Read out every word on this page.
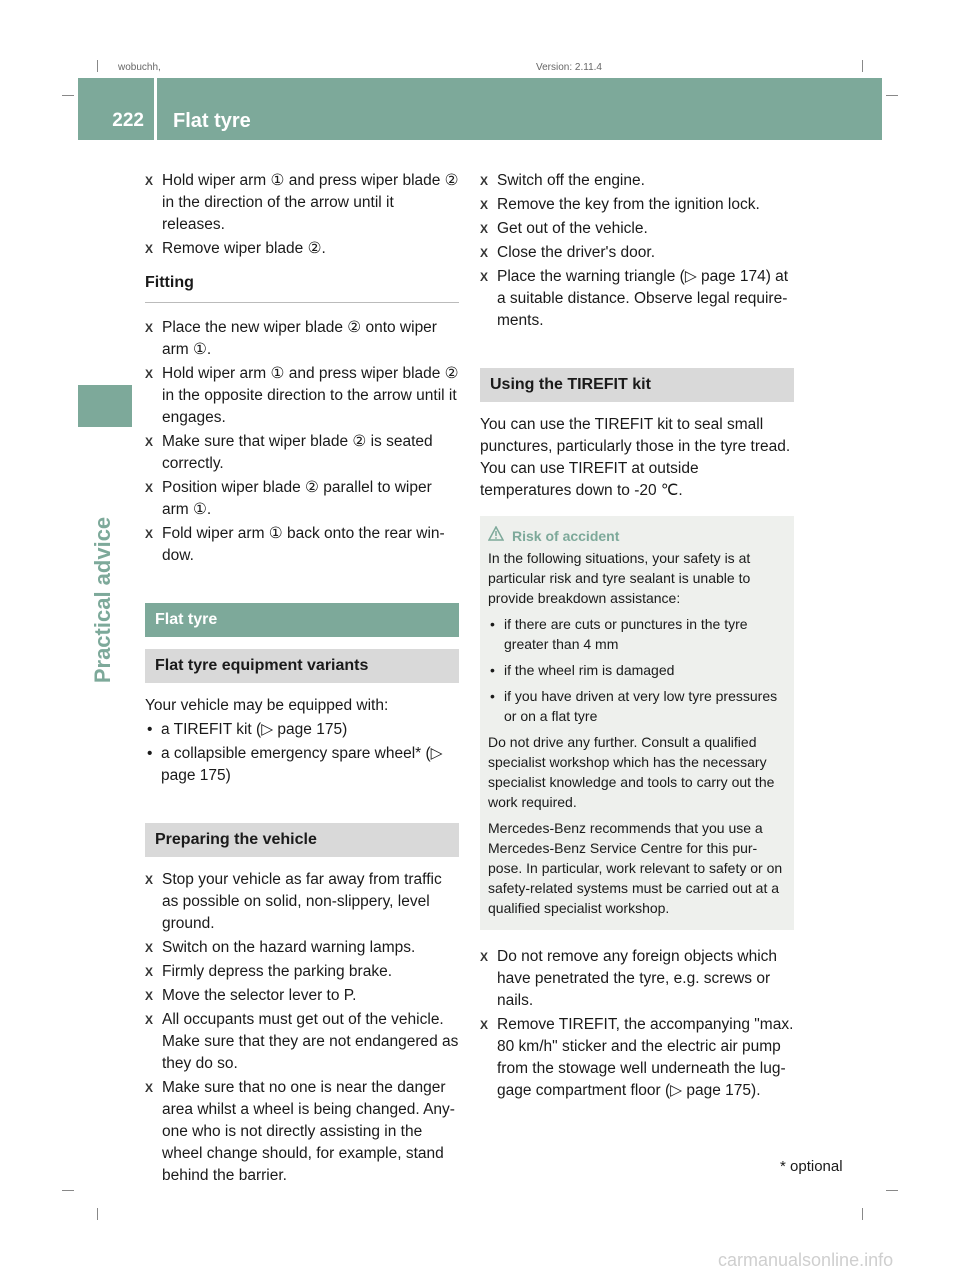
wobuchh,	Version: 2.11.4
222 Flat tyre
Practical advice
X Hold wiper arm ① and press wiper blade ② in the direction of the arrow until it releases.
X Remove wiper blade ②.
Fitting
X Place the new wiper blade ② onto wiper arm ①.
X Hold wiper arm ① and press wiper blade ② in the opposite direction to the arrow until it engages.
X Make sure that wiper blade ② is seated correctly.
X Position wiper blade ② parallel to wiper arm ①.
X Fold wiper arm ① back onto the rear win-dow.
Flat tyre
Flat tyre equipment variants
Your vehicle may be equipped with:
• a TIREFIT kit (▷ page 175)
• a collapsible emergency spare wheel* (▷ page 175)
Preparing the vehicle
X Stop your vehicle as far away from traffic as possible on solid, non-slippery, level ground.
X Switch on the hazard warning lamps.
X Firmly depress the parking brake.
X Move the selector lever to P.
X All occupants must get out of the vehicle. Make sure that they are not endangered as they do so.
X Make sure that no one is near the danger area whilst a wheel is being changed. Any-one who is not directly assisting in the wheel change should, for example, stand behind the barrier.
X Switch off the engine.
X Remove the key from the ignition lock.
X Get out of the vehicle.
X Close the driver's door.
X Place the warning triangle (▷ page 174) at a suitable distance. Observe legal require-ments.
Using the TIREFIT kit
You can use the TIREFIT kit to seal small punctures, particularly those in the tyre tread. You can use TIREFIT at outside temperatures down to -20 ℃.
Risk of accident
In the following situations, your safety is at particular risk and tyre sealant is unable to provide breakdown assistance:
• if there are cuts or punctures in the tyre greater than 4 mm
• if the wheel rim is damaged
• if you have driven at very low tyre pressures or on a flat tyre
Do not drive any further. Consult a qualified specialist workshop which has the necessary specialist knowledge and tools to carry out the work required.
Mercedes-Benz recommends that you use a Mercedes-Benz Service Centre for this pur-pose. In particular, work relevant to safety or on safety-related systems must be carried out at a qualified specialist workshop.
X Do not remove any foreign objects which have penetrated the tyre, e.g. screws or nails.
X Remove TIREFIT, the accompanying "max. 80 km/h" sticker and the electric air pump from the stowage well underneath the lug-gage compartment floor (▷ page 175).
* optional
carmanualsonline.info
